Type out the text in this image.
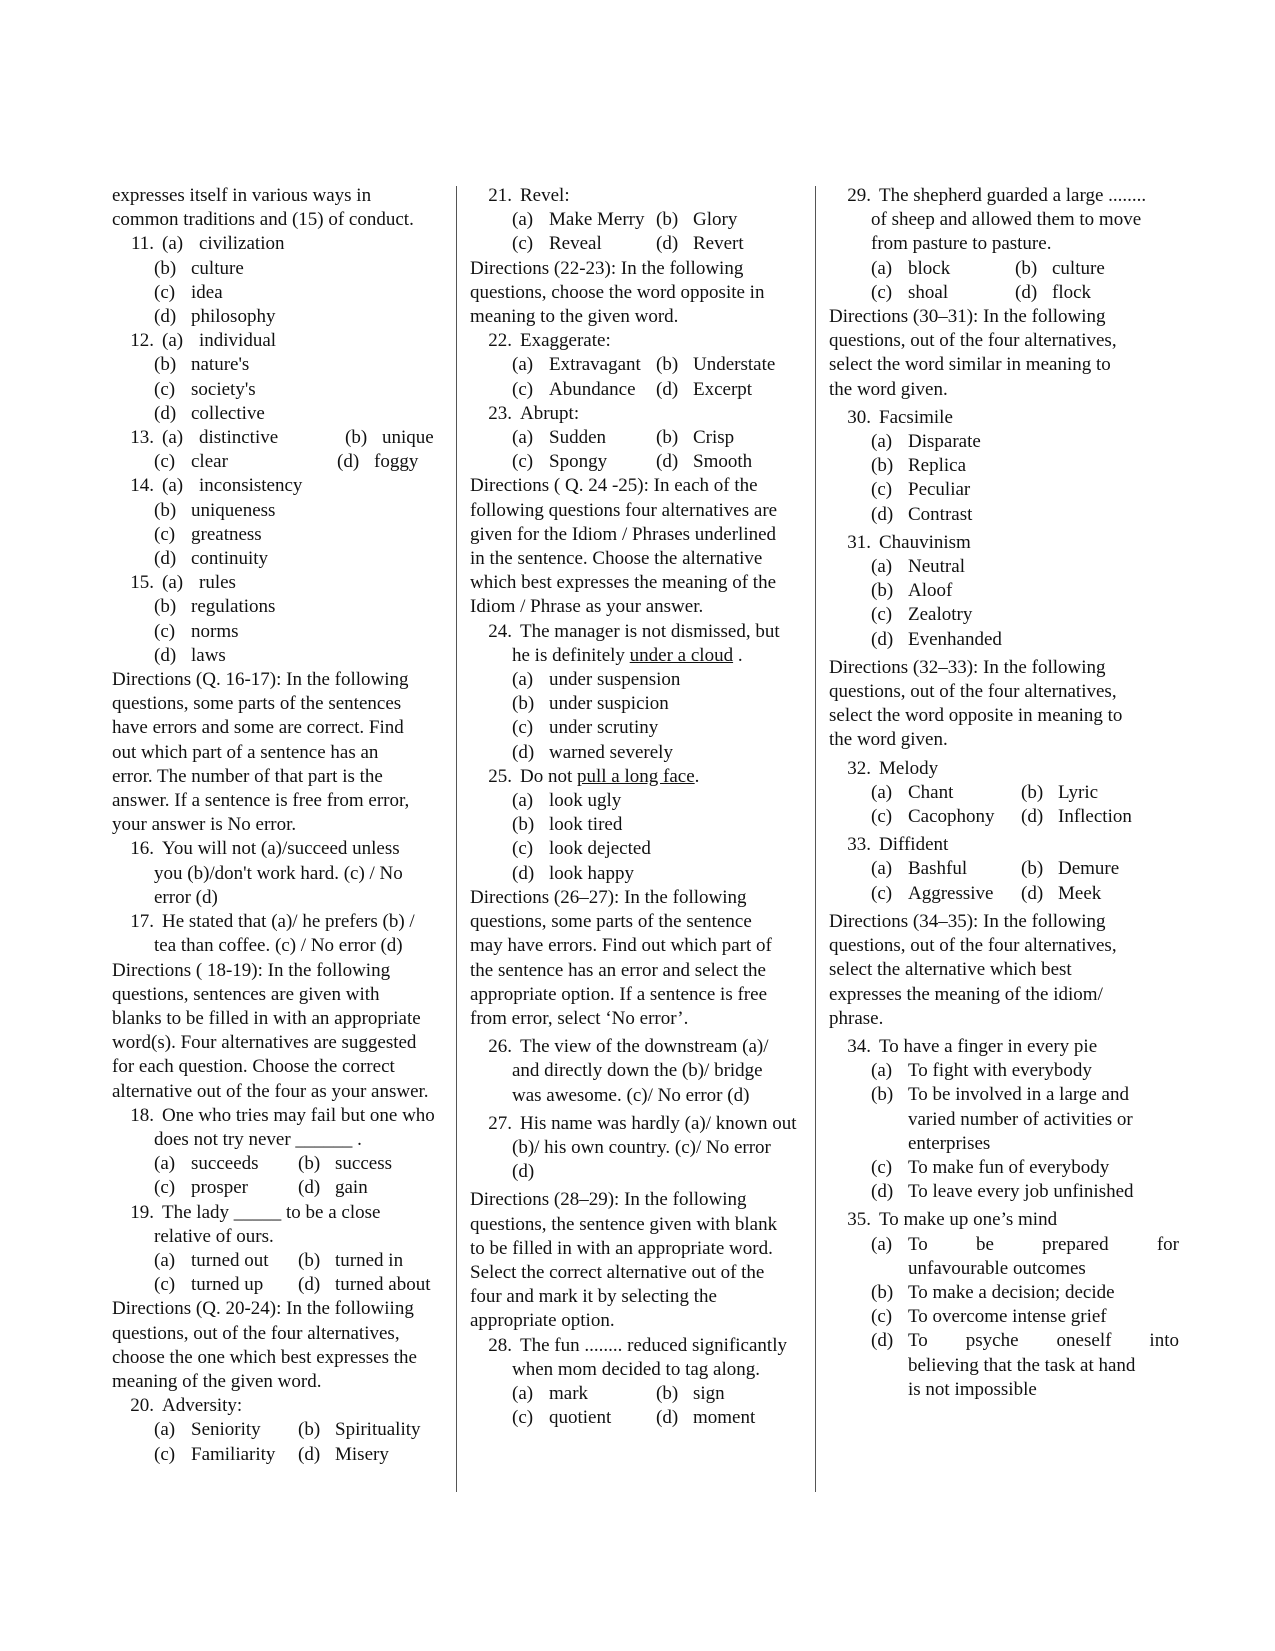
expresses itself in various ways in

common traditions and (15) of conduct.

11. (a) civilization
(b) culture
(c) idea
(d) philosophy
12. (a) individual
(b) nature's
(c) society's
(d) collective
13. (a) distinctive	(b) unique
(c) clear	(d) foggy
14. (a) inconsistency
(b) uniqueness
(c) greatness
(d) continuity
15. (a) rules
(b) regulations
(c) norms
(d) laws

Directions (Q. 16-17): In the following

questions, some parts of the sentences

have errors and some are correct. Find

out which part of a sentence has an

error. The number of that part is the

answer. If a sentence is free from error,

your answer is No error.

16. You will not (a)/succeed unless
you (b)/don't work hard. (c) / No
error (d)
17. He stated that (a)/ he prefers (b) /
tea than coffee. (c) / No error (d)

Directions ( 18-19): In the following

questions, sentences are given with

blanks to be filled in with an appropriate

word(s). Four alternatives are suggested

for each question. Choose the correct

alternative out of the four as your answer.

18. One who tries may fail but one who
does not try never ______ .
(a) succeeds (b) success
(c) prosper	(d) gain
19. The lady _____ to be a close
relative of ours.
(a) turned out (b) turned in
(c) turned up (d) turned about

Directions (Q. 20-24): In the followiing

questions, out of the four alternatives,

choose the one which best expresses the

meaning of the given word.

20. Adversity:
(a) Seniority (b) Spirituality
(c) Familiarity (d) Misery
21. Revel:
(a) Make Merry (b) Glory
(c) Reveal	(d) Revert

Directions (22-23): In the following

questions, choose the word opposite in

meaning to the given word.

22. Exaggerate:
(a) Extravagant (b) Understate
(c) Abundance (d) Excerpt
23. Abrupt:
(a) Sudden	(b) Crisp
(c) Spongy	(d) Smooth

Directions ( Q. 24 -25): In each of the

following questions four alternatives are

given for the Idiom / Phrases underlined

in the sentence. Choose the alternative

which best expresses the meaning of the

Idiom / Phrase as your answer.

24. The manager is not dismissed, but
he is definitely under a cloud .
(a) under suspension
(b) under suspicion
(c) under scrutiny
(d) warned severely
25. Do not pull a long face.
(a) look ugly
(b) look tired
(c) look dejected
(d) look happy

Directions (26–27): In the following

questions, some parts of the sentence

may have errors. Find out which part of

the sentence has an error and select the

appropriate option. If a sentence is free

from error, select ‘No error’.

26. The view of the downstream (a)/
and directly down the (b)/ bridge
was awesome. (c)/ No error (d)
27. His name was hardly (a)/ known out
(b)/ his own country. (c)/ No error
(d)

Directions (28–29): In the following

questions, the sentence given with blank

to be filled in with an appropriate word.

Select the correct alternative out of the

four and mark it by selecting the

appropriate option.

28. The fun ........ reduced significantly
when mom decided to tag along.
(a) mark	(b) sign
(c) quotient (d) moment
29. The shepherd guarded a large ........
of sheep and allowed them to move
from pasture to pasture.
(a) block	(b) culture
(c) shoal	(d) flock

Directions (30–31): In the following

questions, out of the four alternatives,

select the word similar in meaning to

the word given.

30. Facsimile
(a) Disparate
(b) Replica
(c) Peculiar
(d) Contrast
31. Chauvinism
(a) Neutral
(b) Aloof
(c) Zealotry
(d) Evenhanded

Directions (32–33): In the following

questions, out of the four alternatives,

select the word opposite in meaning to

the word given.

32. Melody
(a) Chant	(b) Lyric
(c) Cacophony (d) Inflection
33. Diffident
(a) Bashful	(b) Demure
(c) Aggressive (d) Meek

Directions (34–35): In the following

questions, out of the four alternatives,

select the alternative which best

expresses the meaning of the idiom/

phrase.

34. To have a finger in every pie
(a) To fight with everybody
(b) To be involved in a large and
varied number of activities or
enterprises
(c) To make fun of everybody
(d) To leave every job unfinished
35. To make up one’s mind
(a) To be prepared for
unfavourable outcomes
(b) To make a decision; decide
(c) To overcome intense grief
(d) To psyche oneself into
believing that the task at hand
is not impossible
